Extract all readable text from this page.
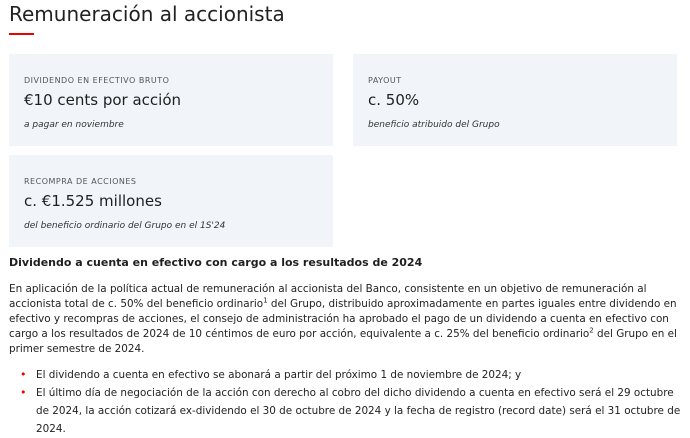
Remuneración al accionista
DIVIDENDO EN EFECTIVO BRUTO
€10 cents por acción
a pagar en noviembre
PAYOUT
c. 50%
beneficio atribuido del Grupo
RECOMPRA DE ACCIONES
c. €1.525 millones
del beneficio ordinario del Grupo en el 1S'24
Dividendo a cuenta en efectivo con cargo a los resultados de 2024

En aplicación de la política actual de remuneración al accionista del Banco, consistente en un objetivo de remuneración al accionista total de c. 50% del beneficio ordinario$^1$ del Grupo, distribuido aproximadamente en partes iguales entre dividendo en efectivo y recompras de acciones, el consejo de administración ha aprobado el pago de un dividendo a cuenta en efectivo con cargo a los resultados de 2024 de 10 céntimos de euro por acción, equivalente a c. 25% del beneficio ordinario$^2$ del Grupo en el primer semestre de 2024.

• El dividendo a cuenta en efectivo se abonará a partir del próximo 1 de noviembre de 2024; y
• El último día de negociación de la acción con derecho al cobro del dicho dividendo a cuenta en efectivo será el 29 octubre de 2024, la acción cotizará ex-dividendo el 30 de octubre de 2024 y la fecha de registro (record date) será el 31 octubre de 2024.
